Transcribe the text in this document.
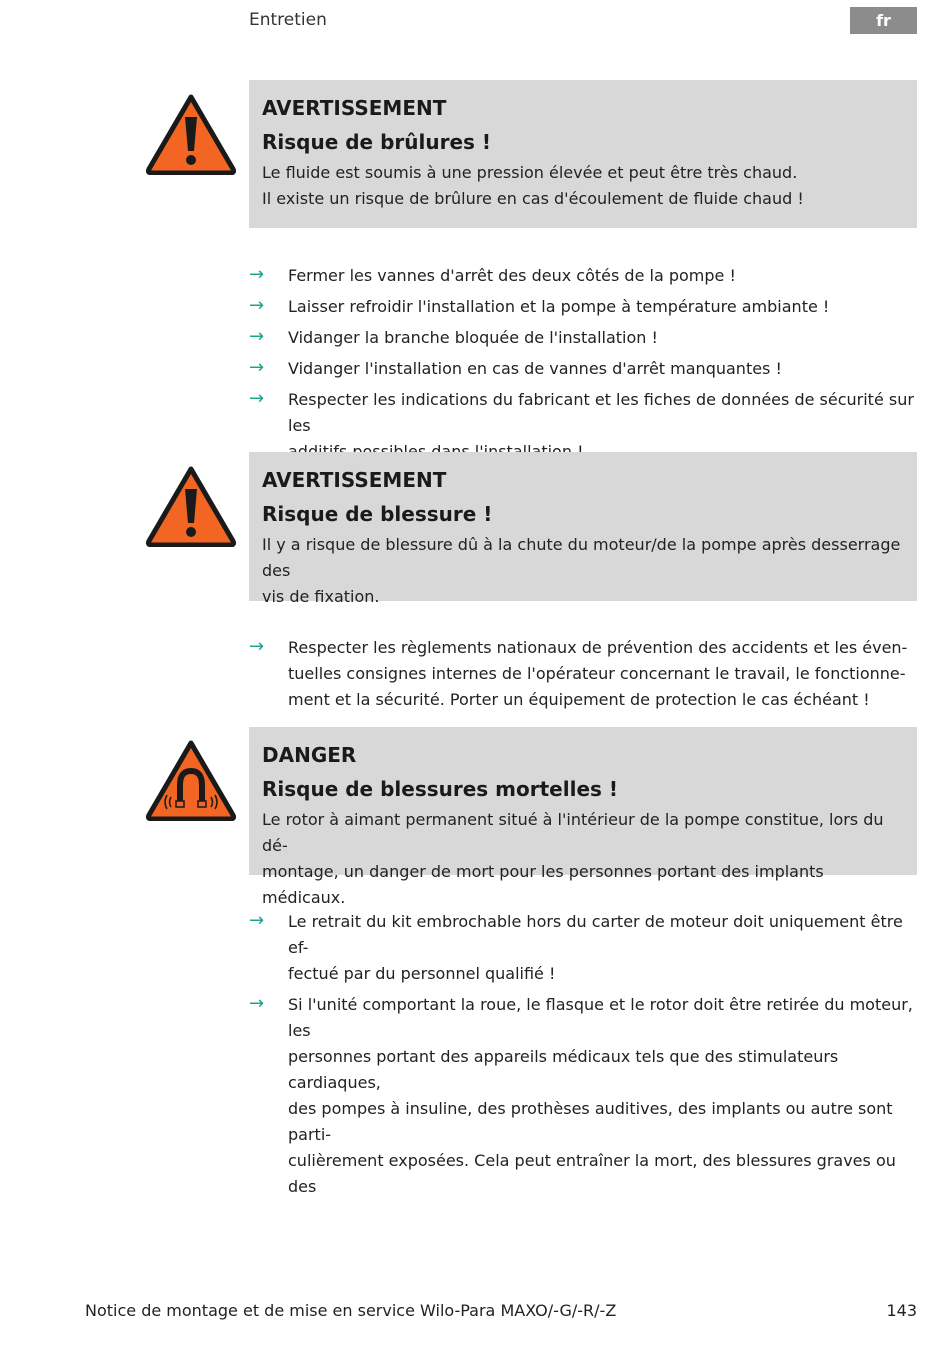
Entretien	fr
AVERTISSEMENT
Risque de brûlures !
Le fluide est soumis à une pression élevée et peut être très chaud.
Il existe un risque de brûlure en cas d'écoulement de fluide chaud !
→ Fermer les vannes d'arrêt des deux côtés de la pompe !
→ Laisser refroidir l'installation et la pompe à température ambiante !
→ Vidanger la branche bloquée de l'installation !
→ Vidanger l'installation en cas de vannes d'arrêt manquantes !
→ Respecter les indications du fabricant et les fiches de données de sécurité sur les
AVERTISSEMENT
Risque de blessure !
Il y a risque de blessure dû à la chute du moteur/de la pompe après desserrage des
vis de fixation.
→ Respecter les règlements nationaux de prévention des accidents et les éven-
tuelles consignes internes de l'opérateur concernant le travail, le fonctionne-
ment et la sécurité. Porter un équipement de protection le cas échéant !
DANGER
Risque de blessures mortelles !
Le rotor à aimant permanent situé à l'intérieur de la pompe constitue, lors du dé-
montage, un danger de mort pour les personnes portant des implants médicaux.
→ Le retrait du kit embrochable hors du carter de moteur doit uniquement être ef-
fectué par du personnel qualifié !
→ Si l'unité comportant la roue, le flasque et le rotor doit être retirée du moteur, les
personnes portant des appareils médicaux tels que des stimulateurs cardiaques,
des pompes à insuline, des prothèses auditives, des implants ou autre sont parti-
culièrement exposées. Cela peut entraîner la mort, des blessures graves ou des
Notice de montage et de mise en service Wilo-Para MAXO/-G/-R/-Z	143
